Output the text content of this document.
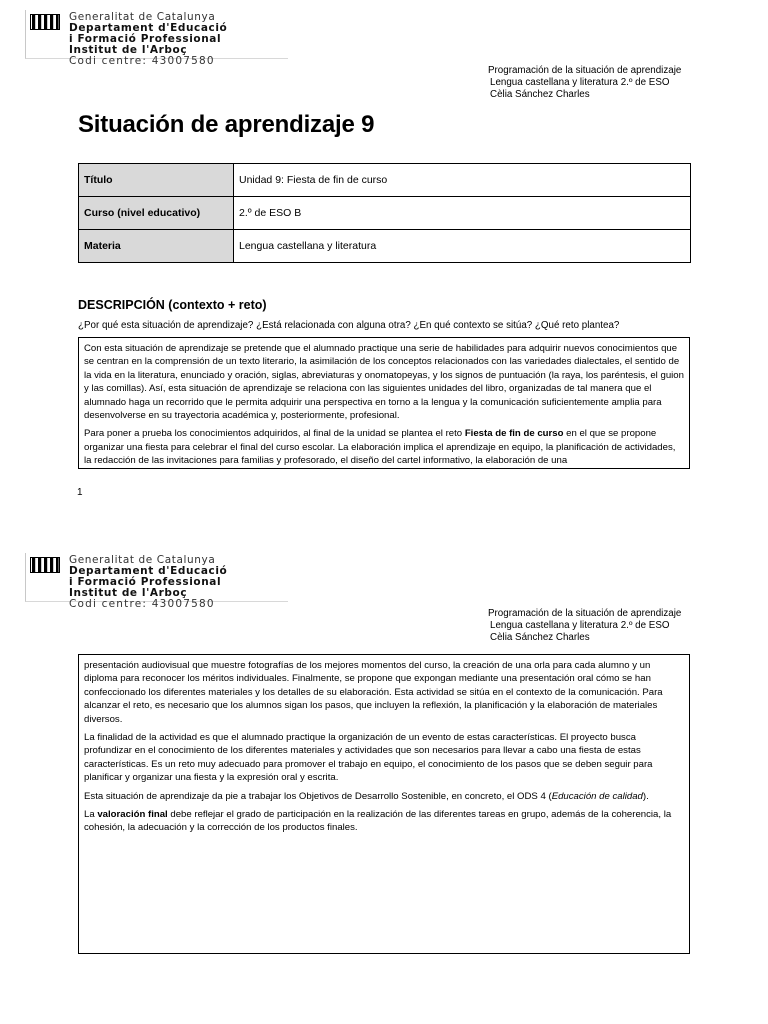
Generalitat de Catalunya
Departament d'Educació
i Formació Professional
Institut de l'Arboç
Codi centre: 43007580
Programación de la situación de aprendizaje
Lengua castellana y literatura 2.º de ESO
Cèlia Sánchez Charles
Situación de aprendizaje 9
Título	Unidad 9: Fiesta de fin de curso
Curso (nivel educativo)	2.º de ESO B
Materia	Lengua castellana y literatura
DESCRIPCIÓN (contexto + reto)
¿Por qué esta situación de aprendizaje? ¿Está relacionada con alguna otra? ¿En qué contexto se sitúa? ¿Qué reto plantea?

Con esta situación de aprendizaje se pretende que el alumnado practique una serie de habilidades para adquirir nuevos conocimientos que se centran en la comprensión de un texto literario, la asimilación de los conceptos relacionados con las variedades dialectales, el sentido de la vida en la literatura, enunciado y oración, siglas, abreviaturas y onomatopeyas, y los signos de puntuación (la raya, los paréntesis, el guion y las comillas). Así, esta situación de aprendizaje se relaciona con las siguientes unidades del libro, organizadas de tal manera que el alumnado haga un recorrido que le permita adquirir una perspectiva en torno a la lengua y la comunicación suficientemente amplia para desenvolverse en su trayectoria académica y, posteriormente, profesional.

Para poner a prueba los conocimientos adquiridos, al final de la unidad se plantea el reto Fiesta de fin de curso en el que se propone organizar una fiesta para celebrar el final del curso escolar. La elaboración implica el aprendizaje en equipo, la planificación de actividades, la redacción de las invitaciones para familias y profesorado, el diseño del cartel informativo, la elaboración de una

1
Generalitat de Catalunya
Departament d'Educació
i Formació Professional
Institut de l'Arboç
Codi centre: 43007580
Programación de la situación de aprendizaje
Lengua castellana y literatura 2.º de ESO
Cèlia Sánchez Charles

presentación audiovisual que muestre fotografías de los mejores momentos del curso, la creación de una orla para cada alumno y un diploma para reconocer los méritos individuales. Finalmente, se propone que expongan mediante una presentación oral cómo se han confeccionado los diferentes materiales y los detalles de su elaboración. Esta actividad se sitúa en el contexto de la comunicación. Para alcanzar el reto, es necesario que los alumnos sigan los pasos, que incluyen la reflexión, la planificación y la elaboración de materiales diversos.

La finalidad de la actividad es que el alumnado practique la organización de un evento de estas características. El proyecto busca profundizar en el conocimiento de los diferentes materiales y actividades que son necesarios para llevar a cabo una fiesta de estas características. Es un reto muy adecuado para promover el trabajo en equipo, el conocimiento de los pasos que se deben seguir para planificar y organizar una fiesta y la expresión oral y escrita.

Esta situación de aprendizaje da pie a trabajar los Objetivos de Desarrollo Sostenible, en concreto, el ODS 4 (Educación de calidad).

La valoración final debe reflejar el grado de participación en la realización de las diferentes tareas en grupo, además de la coherencia, la cohesión, la adecuación y la corrección de los productos finales.
